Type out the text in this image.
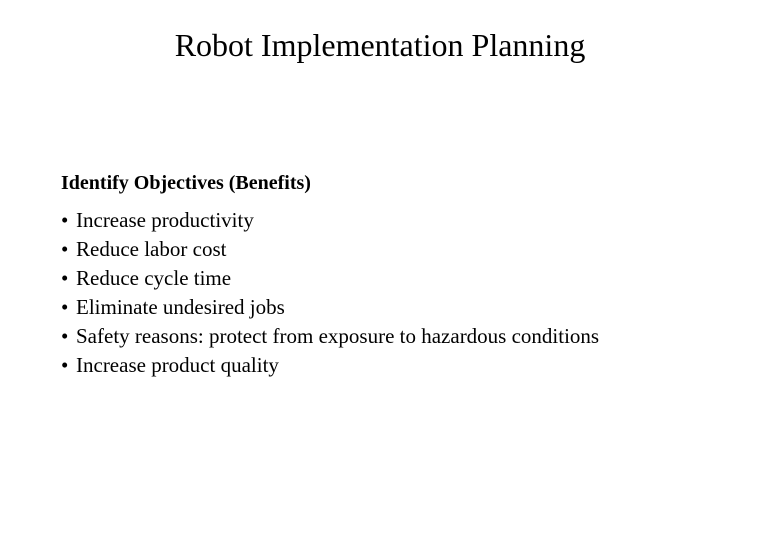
Robot Implementation Planning
Identify Objectives (Benefits)
• Increase productivity
• Reduce labor cost
• Reduce cycle time
• Eliminate undesired jobs
• Safety reasons: protect from exposure to hazardous conditions
• Increase product quality
